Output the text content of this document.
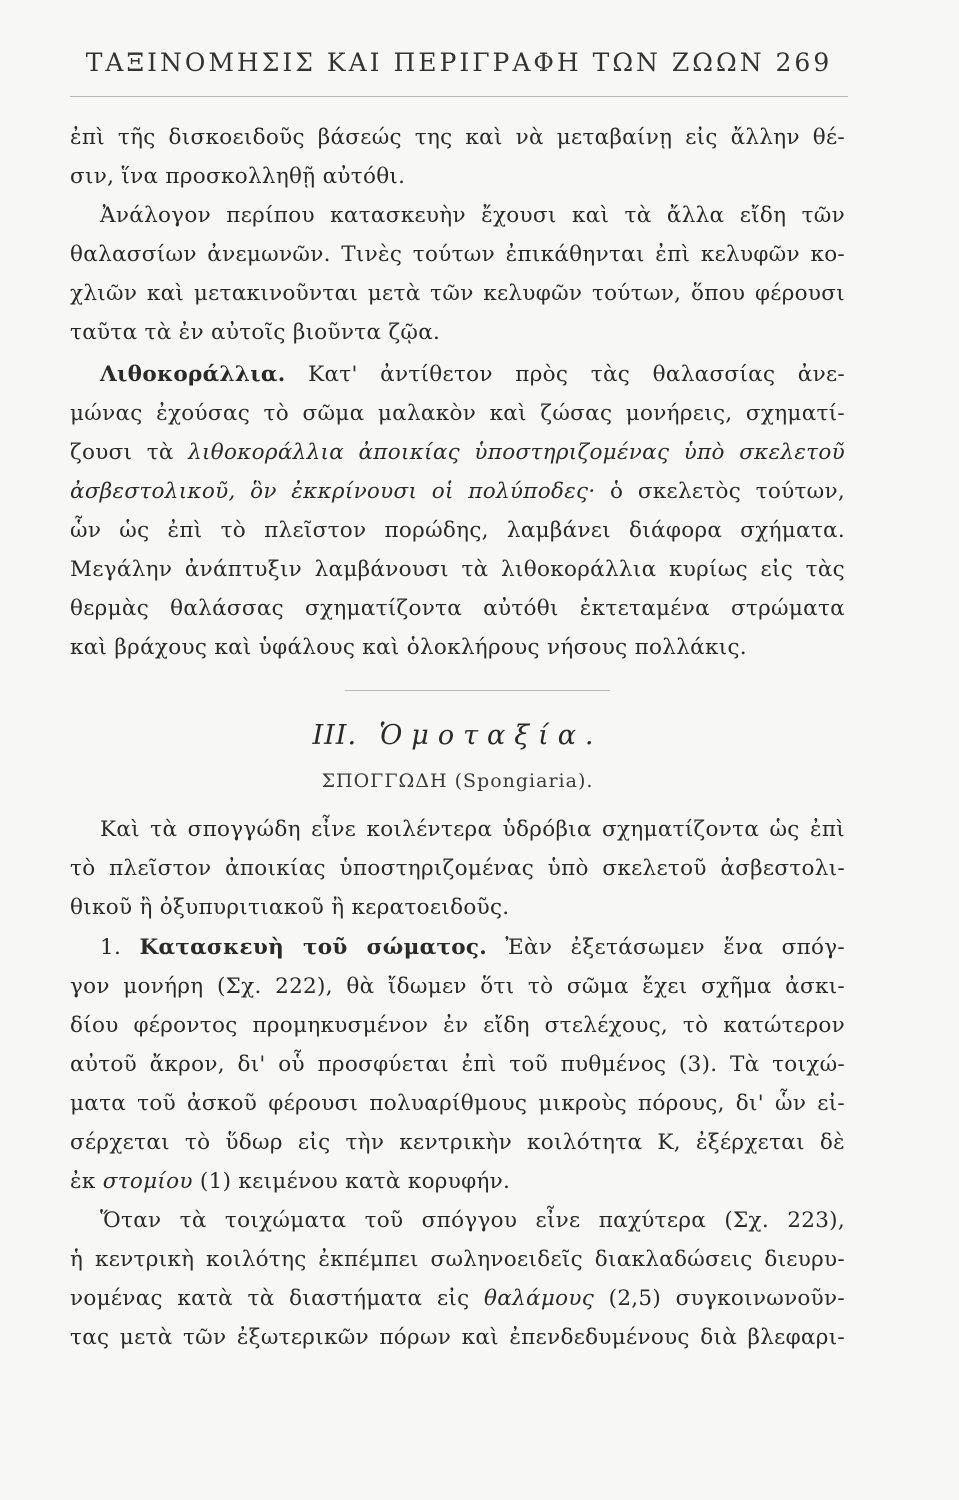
ΤΑΞΙΝΟΜΗΣΙΣ ΚΑΙ ΠΕΡΙΓΡΑΦΗ ΤΩΝ ΖΩΩΝ 269
ἐπὶ τῆς δισκοειδοῦς βάσεώς της καὶ νὰ μεταβαίνῃ εἰς ἄλλην θέ-
σιν, ἵνα προσκολληθῇ αὐτόθι.
Ἀνάλογον περίπου κατασκευὴν ἔχουσι καὶ τὰ ἄλλα εἴδη τῶν
θαλασσίων ἀνεμωνῶν. Τινὲς τούτων ἐπικάθηνται ἐπὶ κελυφῶν κο-
χλιῶν καὶ μετακινοῦνται μετὰ τῶν κελυφῶν τούτων, ὅπου φέρουσι
ταῦτα τὰ ἐν αὐτοῖς βιοῦντα ζῷα.
Λιθοκοράλλια. Κατ' ἀντίθετον πρὸς τὰς θαλασσίας ἀνε-
μώνας ἐχούσας τὸ σῶμα μαλακὸν καὶ ζώσας μονήρεις, σχηματί-
ζουσι τὰ λιθοκοράλλια ἀποικίας ὑποστηριζομένας ὑπὸ σκελετοῦ
ἀσβεστολικοῦ, ὃν ἐκκρίνουσι οἱ πολύποδες· ὁ σκελετὸς τούτων,
ὧν ὡς ἐπὶ τὸ πλεῖστον πορώδης, λαμβάνει διάφορα σχήματα.
Μεγάλην ἀνάπτυξιν λαμβάνουσι τὰ λιθοκοράλλια κυρίως εἰς τὰς
θερμὰς θαλάσσας σχηματίζοντα αὐτόθι ἐκτεταμένα στρώματα
καὶ βράχους καὶ ὑφάλους καὶ ὁλοκλήρους νήσους πολλάκις.
III. Ὁμοταξία.
ΣΠΟΓΓΩΔΗ (Spongiaria).
Καὶ τὰ σπογγώδη εἶνε κοιλέντερα ὑδρόβια σχηματίζοντα ὡς ἐπὶ
τὸ πλεῖστον ἀποικίας ὑποστηριζομένας ὑπὸ σκελετοῦ ἀσβεστολι-
θικοῦ ἢ ὀξυπυριτιακοῦ ἢ κερατοειδοῦς.
1. Κατασκευὴ τοῦ σώματος. Ἐὰν ἐξετάσωμεν ἕνα σπόγ-
γον μονήρη (Σχ. 222), θὰ ἴδωμεν ὅτι τὸ σῶμα ἔχει σχῆμα ἀσκι-
δίου φέροντος προμηκυσμένον ἐν εἴδη στελέχους, τὸ κατώτερον
αὐτοῦ ἄκρον, δι' οὗ προσφύεται ἐπὶ τοῦ πυθμένος (3). Τὰ τοιχώ-
ματα τοῦ ἀσκοῦ φέρουσι πολυαρίθμους μικροὺς πόρους, δι' ὧν εἰ-
σέρχεται τὸ ὕδωρ εἰς τὴν κεντρικὴν κοιλότητα Κ, ἐξέρχεται δὲ
ἐκ στομίου (1) κειμένου κατὰ κορυφήν.
Ὅταν τὰ τοιχώματα τοῦ σπόγγου εἶνε παχύτερα (Σχ. 223),
ἡ κεντρικὴ κοιλότης ἐκπέμπει σωληνοειδεῖς διακλαδώσεις διευρυ-
νομένας κατὰ τὰ διαστήματα εἰς θαλάμους (2,5) συγκοινωνοῦν-
τας μετὰ τῶν ἐξωτερικῶν πόρων καὶ ἐπενδεδυμένους διὰ βλεφαρι-
